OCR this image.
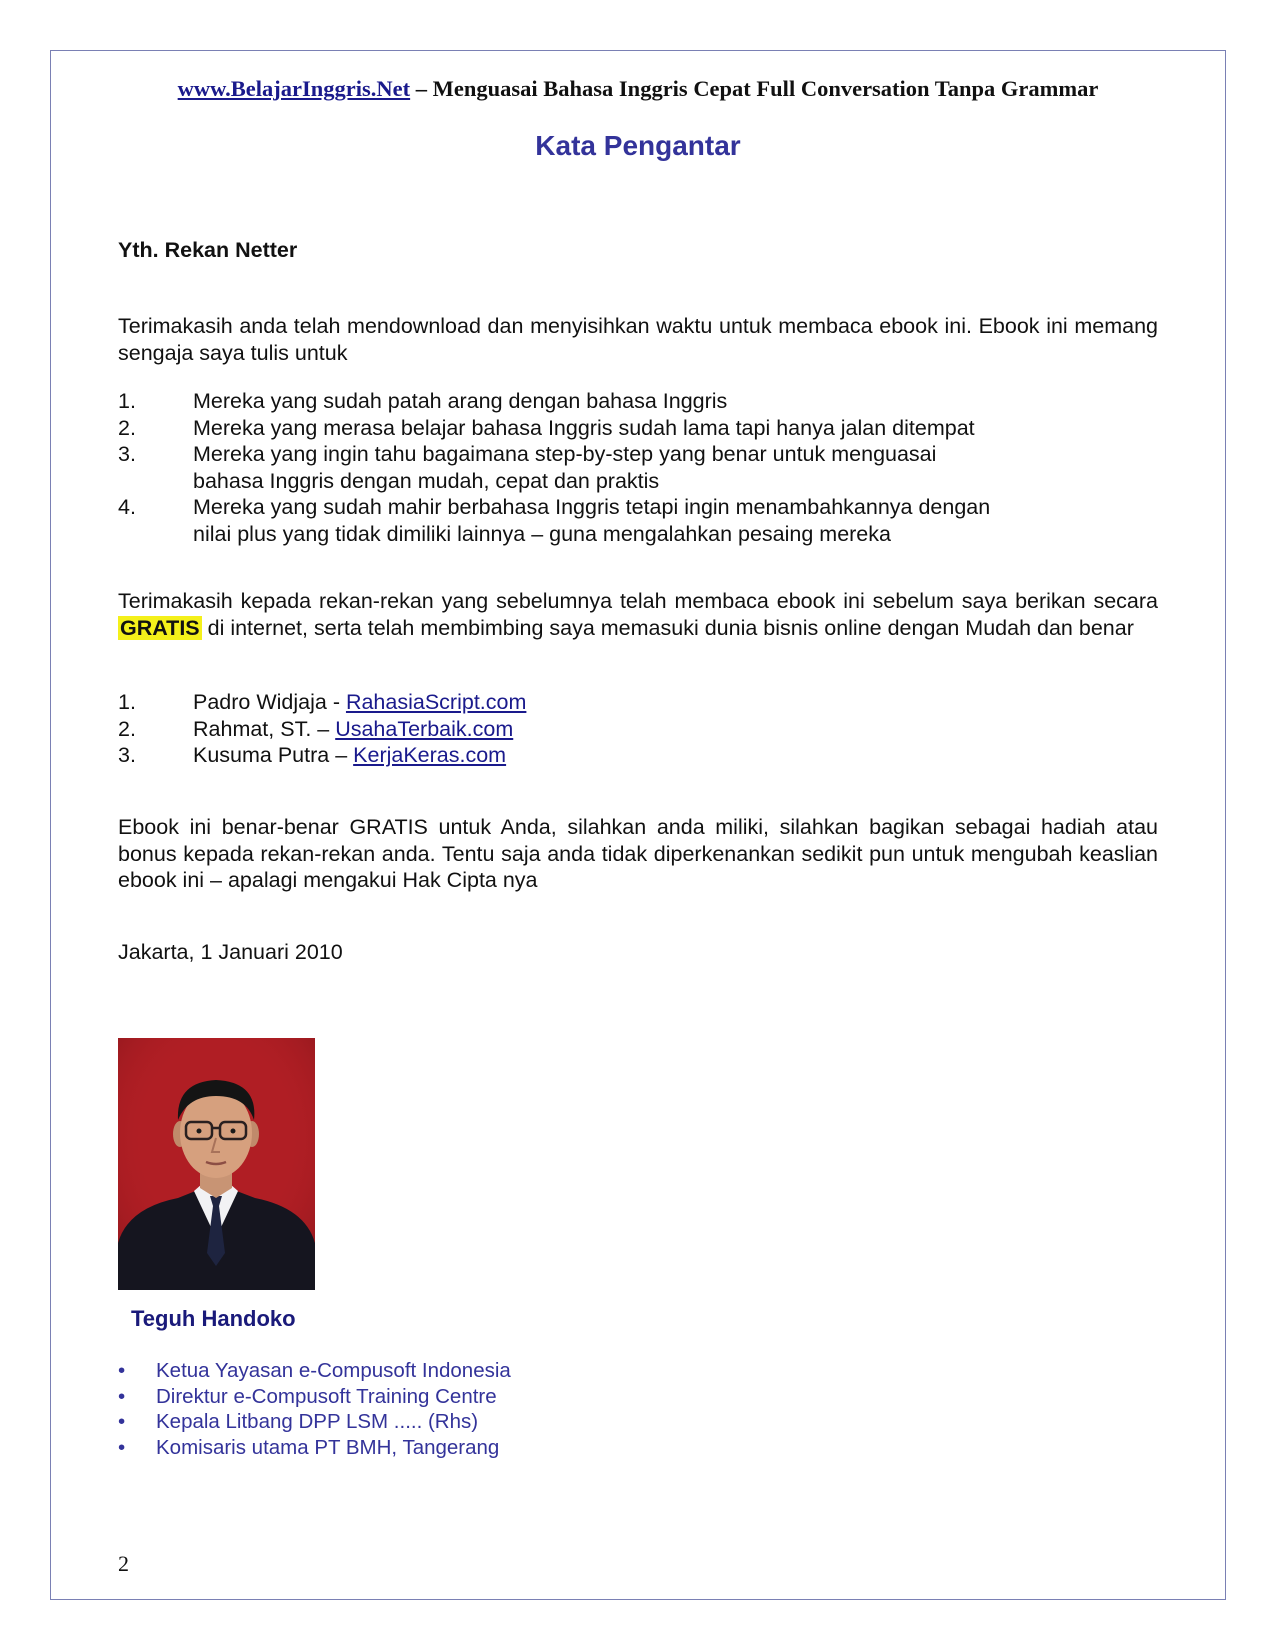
www.BelajarInggris.Net – Menguasai Bahasa Inggris Cepat Full Conversation Tanpa Grammar
Kata Pengantar
Yth. Rekan Netter
Terimakasih anda telah mendownload dan menyisihkan waktu untuk membaca ebook ini. Ebook ini memang sengaja saya tulis untuk
1.	Mereka yang sudah patah arang dengan bahasa Inggris
2.	Mereka yang merasa belajar bahasa Inggris sudah lama tapi hanya jalan ditempat
3.	Mereka yang ingin tahu bagaimana step-by-step yang benar untuk menguasai bahasa Inggris dengan mudah, cepat dan praktis
4.	Mereka yang sudah mahir berbahasa Inggris tetapi ingin menambahkannya dengan nilai plus yang tidak dimiliki lainnya – guna mengalahkan pesaing mereka
Terimakasih kepada rekan-rekan yang sebelumnya telah membaca ebook ini sebelum saya berikan secara GRATIS di internet, serta telah membimbing saya memasuki dunia bisnis online dengan Mudah dan benar
1.	Padro Widjaja - RahasiaScript.com
2.	Rahmat, ST. – UsahaTerbaik.com
3.	Kusuma Putra – KerjaKeras.com
Ebook ini benar-benar GRATIS untuk Anda, silahkan anda miliki, silahkan bagikan sebagai hadiah atau bonus kepada rekan-rekan anda. Tentu saja anda tidak diperkenankan sedikit pun untuk mengubah keaslian ebook ini – apalagi mengakui Hak Cipta nya
Jakarta, 1 Januari 2010
Teguh Handoko
• Ketua Yayasan e-Compusoft Indonesia
• Direktur e-Compusoft Training Centre
• Kepala Litbang DPP LSM ..... (Rhs)
• Komisaris utama PT BMH, Tangerang
2
